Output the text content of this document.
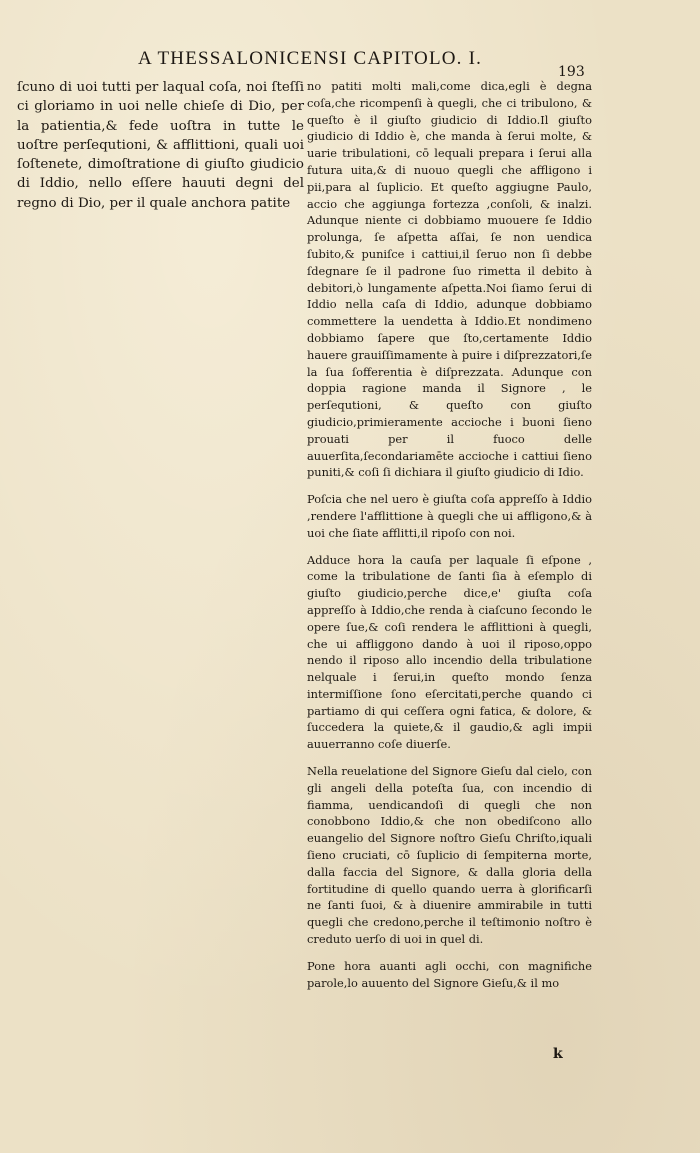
A THESSALONICENSI CAPITOLO. I.
193

ſcuno di uoi tutti per laqual coſa, noi ſteſſi ci gloriamo in uoi nelle chieſe di Dio, per la patientia,& fede uoſtra in tutte le uoſtre perſequtioni, & afflittioni, quali uoi ſoſtenete, dimoſtratione di giuſto giudicio di Iddio, nello eſſere hauuti degni del regno di Dio, per il quale anchora patite

no patiti molti mali,come dica,egli è degna coſa,che ricompenſi à quegli, che ci tribulono, & queſto è il giuſto giudicio di Iddio.Il giuſto giudicio di Iddio è, che manda à ſerui molte, & uarie tribulationi, cō lequali prepara i ſerui alla futura uita,& di nuouo quegli che affligono i pii,para al ſuplicio. Et queſto aggiugne Paulo, accio che aggiunga fortezza ,conſoli, & inalzi. Adunque niente ci dobbiamo muouere ſe Iddio prolunga, ſe aſpetta aſſai, ſe non uendica ſubito,& puniſce i cattiui,il ſeruo non ſi debbe ſdegnare ſe il padrone ſuo rimetta il debito à debitori,ò lungamente aſpetta.Noi ſiamo ſerui di Iddio nella caſa di Iddio, adunque dobbiamo commettere la uendetta à Iddio.Et nondimeno dobbiamo ſapere que ſto,certamente Iddio hauere grauiſſimamente à puire i diſprezzatori,ſe la ſua ſofferentia è diſprezzata. Adunque con doppia ragione manda il Signore , le perſequtioni, & queſto con giuſto giudicio,primieramente accioche i buoni ſieno prouati per il fuoco delle auuerſita,ſecondariamēte accioche i cattiui ſieno puniti,& coſi ſi dichiara il giuſto giudicio di Idio.

Poſcia che nel uero è giuſta coſa appreſſo à Iddio ,rendere l'afflittione à quegli che ui affligono,& à uoi che ſiate afflitti,il ripoſo con noi.

Adduce hora la cauſa per laquale ſi eſpone , come la tribulatione de ſanti ſia à eſemplo di giuſto giudicio,perche dice,e' giuſta coſa appreſſo à Iddio,che renda à ciaſcuno ſecondo le opere ſue,& coſi rendera le afflittioni à quegli, che ui affliggono dando à uoi il riposo,oppo nendo il riposo allo incendio della tribulatione nelquale i ſerui,in queſto mondo ſenza intermiſſione ſono eſercitati,perche quando ci partiamo di qui ceſſera ogni fatica, & dolore, & ſuccedera la quiete,& il gaudio,& agli impii auuerranno coſe diuerſe.

Nella reuelatione del Signore Gieſu dal cielo, con gli angeli della poteſta ſua, con incendio di fiamma, uendicandoſi di quegli che non conobbono Iddio,& che non obediſcono allo euangelio del Signore noſtro Gieſu Chriſto,iquali ſieno cruciati, cō ſuplicio di ſempiterna morte, dalla faccia del Signore, & dalla gloria della fortitudine di quello quando uerra à glorificarſi ne ſanti ſuoi, & à diuenire ammirabile in tutti quegli che credono,perche il teſtimonio noſtro è creduto uerſo di uoi in quel di.

Pone hora auanti agli occhi, con magnifiche parole,lo auuento del Signore Gieſu,& il mo

k
